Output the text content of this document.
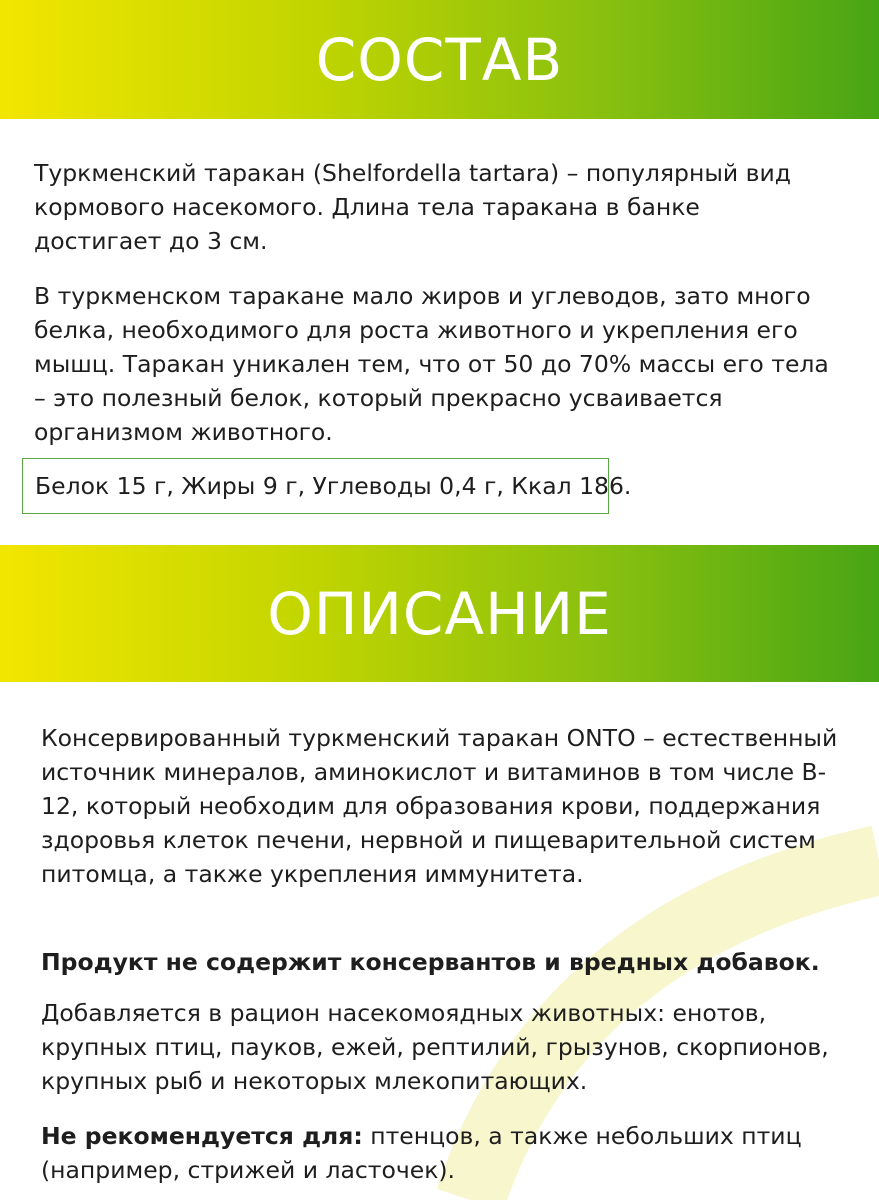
СОСТАВ

Туркменский таракан (Shelfordella tartara) – популярный вид кормового насекомого. Длина тела таракана в банке достигает до 3 см.

В туркменском таракане мало жиров и углеводов, зато много белка, необходимого для роста животного и укрепления его мышц. Таракан уникален тем, что от 50 до 70% массы его тела – это полезный белок, который прекрасно усваивается организмом животного.

Белок 15 г, Жиры 9 г, Углеводы 0,4 г, Ккал 186.
ОПИСАНИЕ

Консервированный туркменский таракан ONTO – естественный источник минералов, аминокислот и витаминов в том числе B-12, который необходим для образования крови, поддержания здоровья клеток печени, нервной и пищеварительной систем питомца, а также укрепления иммунитета.

Продукт не содержит консервантов и вредных добавок.

Добавляется в рацион насекомоядных животных: енотов, крупных птиц, пауков, ежей, рептилий, грызунов, скорпионов, крупных рыб и некоторых млекопитающих.

Не рекомендуется для: птенцов, а также небольших птиц (например, стрижей и ласточек).
